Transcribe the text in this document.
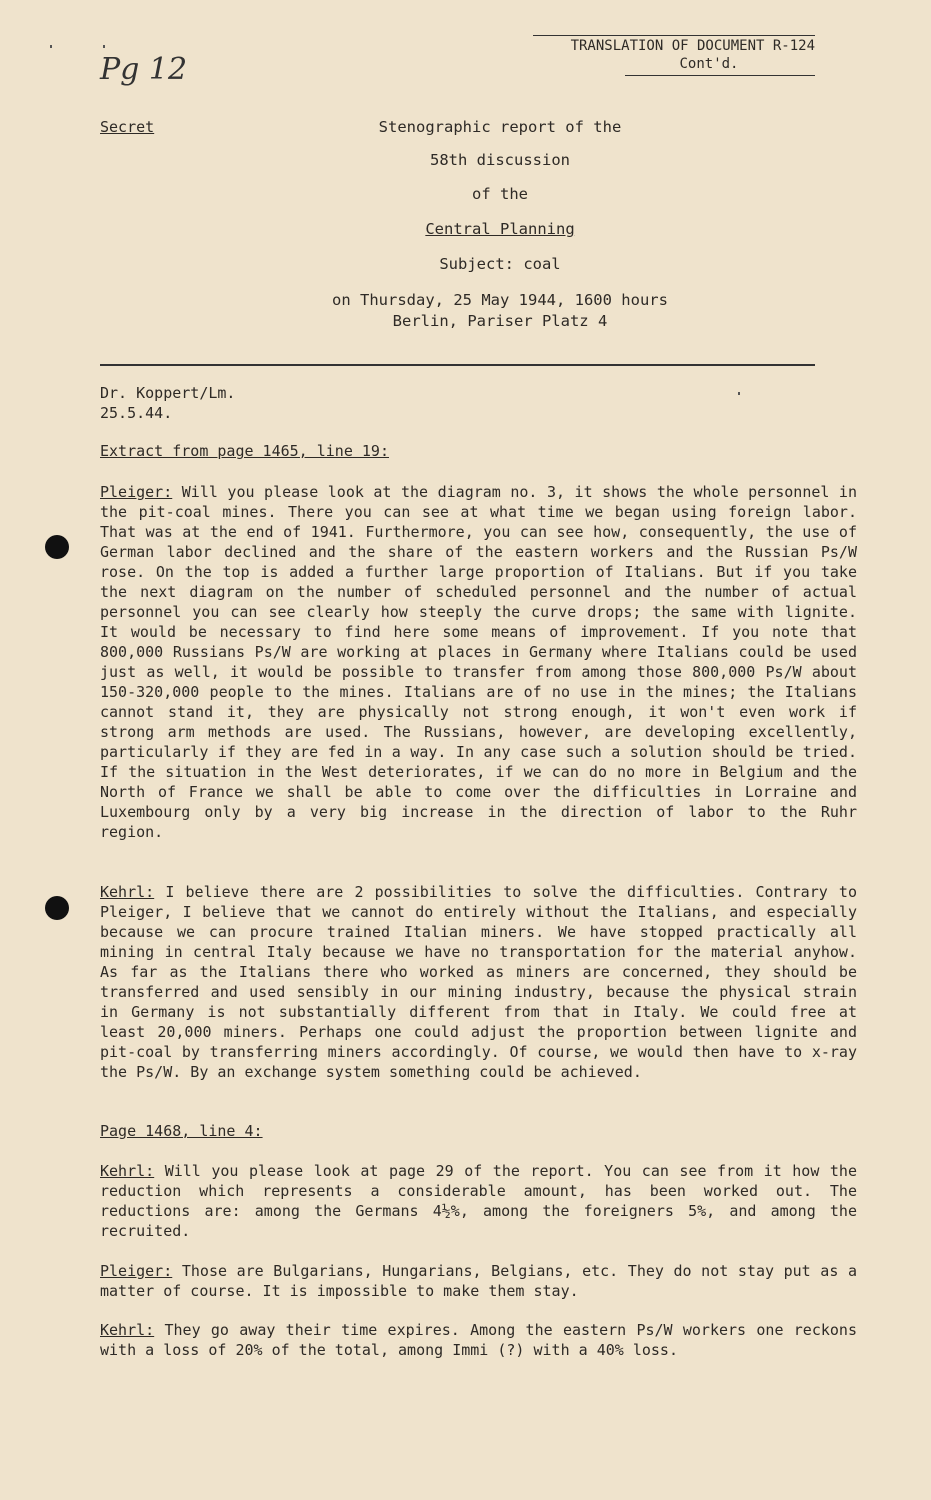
Pg 12
TRANSLATION OF DOCUMENT R-124
Cont'd.
Secret	Stenographic report of the
58th discussion
of the
Central Planning
Subject: coal
on Thursday, 25 May 1944, 1600 hours
Berlin, Pariser Platz 4
Dr. Koppert/Lm.
25.5.44.
Extract from page 1465, line 19:
Pleiger: Will you please look at the diagram no. 3, it shows the whole personnel in the pit-coal mines. There you can see at what time we began using foreign labor. That was at the end of 1941. Furthermore, you can see how, consequently, the use of German labor declined and the share of the eastern workers and the Russian Ps/W rose. On the top is added a further large proportion of Italians. But if you take the next diagram on the number of scheduled personnel and the number of actual personnel you can see clearly how steeply the curve drops; the same with lignite. It would be necessary to find here some means of improvement. If you note that 800,000 Russians Ps/W are working at places in Germany where Italians could be used just as well, it would be possible to transfer from among those 800,000 Ps/W about 150-320,000 people to the mines. Italians are of no use in the mines; the Italians cannot stand it, they are physically not strong enough, it won't even work if strong arm methods are used. The Russians, however, are developing excellently, particularly if they are fed in a way. In any case such a solution should be tried. If the situation in the West deteriorates, if we can do no more in Belgium and the North of France we shall be able to come over the difficulties in Lorraine and Luxembourg only by a very big increase in the direction of labor to the Ruhr region.
Kehrl: I believe there are 2 possibilities to solve the difficulties. Contrary to Pleiger, I believe that we cannot do entirely without the Italians, and especially because we can procure trained Italian miners. We have stopped practically all mining in central Italy because we have no transportation for the material anyhow. As far as the Italians there who worked as miners are concerned, they should be transferred and used sensibly in our mining industry, because the physical strain in Germany is not substantially different from that in Italy. We could free at least 20,000 miners. Perhaps one could adjust the proportion between lignite and pit-coal by transferring miners accordingly. Of course, we would then have to x-ray the Ps/W. By an exchange system something could be achieved.
Page 1468, line 4:
Kehrl: Will you please look at page 29 of the report. You can see from it how the reduction which represents a considerable amount, has been worked out. The reductions are: among the Germans 4½%, among the foreigners 5%, and among the recruited.
Pleiger: Those are Bulgarians, Hungarians, Belgians, etc. They do not stay put as a matter of course. It is impossible to make them stay.
Kehrl: They go away their time expires. Among the eastern Ps/W workers one reckons with a loss of 20% of the total, among Immi (?) with a 40% loss.
